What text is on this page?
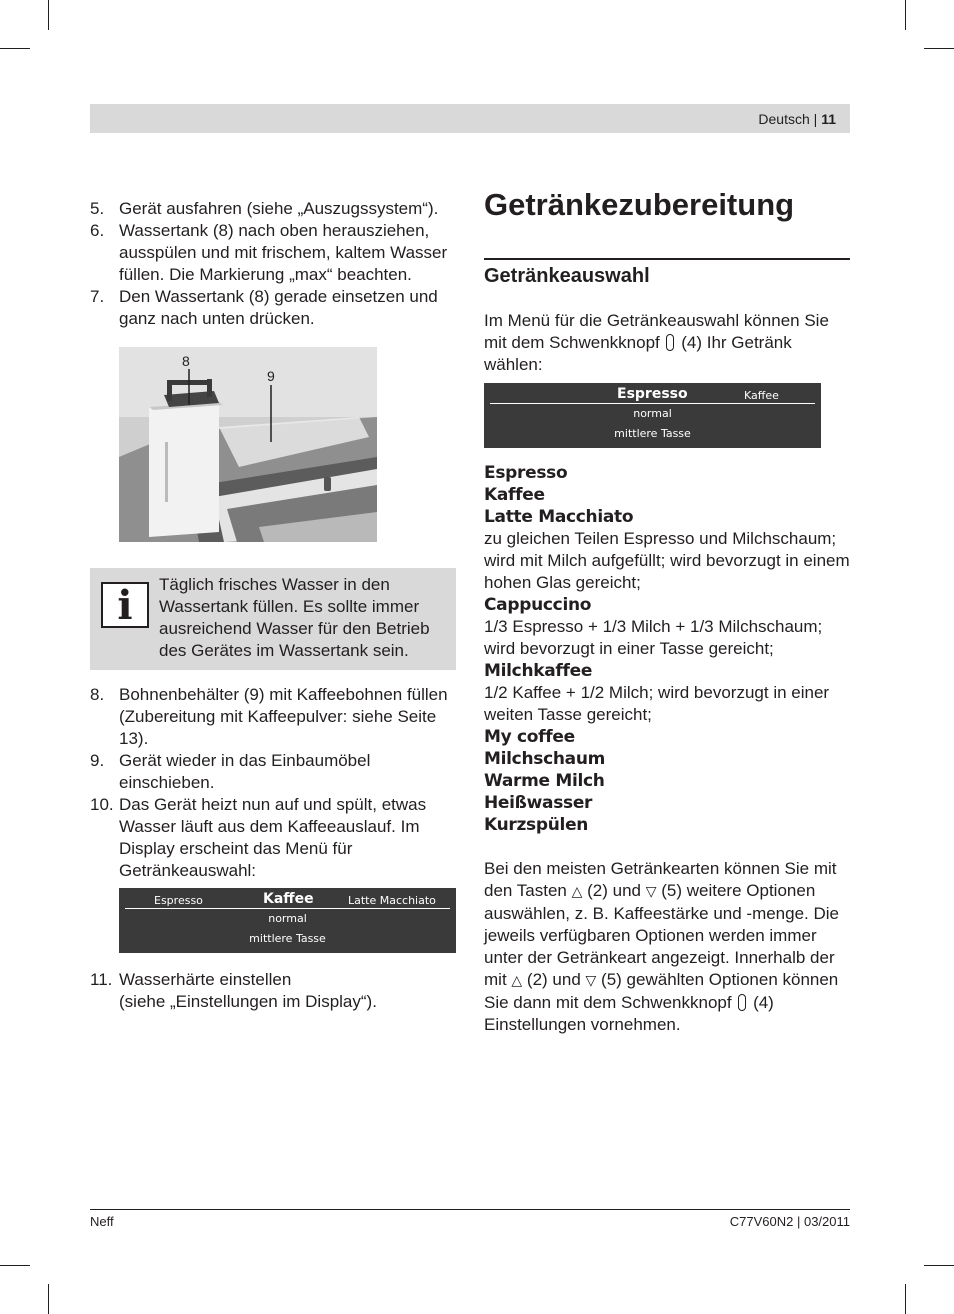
Deutsch | 11
5. Gerät ausfahren (siehe „Auszugssystem“).
6. Wassertank (8) nach oben herausziehen, ausspülen und mit frischem, kaltem Wasser füllen. Die Markierung „max“ beachten.
7. Den Wassertank (8) gerade einsetzen und ganz nach unten drücken.
8
9
i	Täglich frisches Wasser in den Wassertank füllen. Es sollte immer ausreichend Wasser für den Betrieb des Gerätes im Wassertank sein.
8. Bohnenbehälter (9) mit Kaffeebohnen füllen (Zubereitung mit Kaffeepulver: siehe Seite 13).
9. Gerät wieder in das Einbaumöbel einschieben.
10. Das Gerät heizt nun auf und spült, etwas Wasser läuft aus dem Kaffeeauslauf. Im Display erscheint das Menü für Getränkeauswahl:
Espresso	Kaffee	Latte Macchiato
normal
mittlere Tasse
11. Wasserhärte einstellen
(siehe „Einstellungen im Display“).
Getränkezubereitung
Getränkeauswahl

Im Menü für die Getränkeauswahl können Sie mit dem Schwenkknopf (4) Ihr Getränk wählen:

Espresso	Kaffee
normal
mittlere Tasse
Espresso
Kaffee
Latte Macchiato
zu gleichen Teilen Espresso und Milchschaum; wird mit Milch aufgefüllt; wird bevorzugt in einem hohen Glas gereicht;
Cappuccino
1/3 Espresso + 1/3 Milch + 1/3 Milchschaum; wird bevorzugt in einer Tasse gereicht;
Milchkaffee
1/2 Kaffee + 1/2 Milch; wird bevorzugt in einer weiten Tasse gereicht;
My coffee
Milchschaum
Warme Milch
Heißwasser
Kurzspülen

Bei den meisten Getränkearten können Sie mit den Tasten △ (2) und ▽ (5) weitere Optionen auswählen, z. B. Kaffeestärke und -menge. Die jeweils verfügbaren Optionen werden immer unter der Getränkeart angezeigt. Innerhalb der mit △ (2) und ▽ (5) gewählten Optionen können Sie dann mit dem Schwenkknopf (4) Einstellungen vornehmen.

Neff	C77V60N2 | 03/2011
